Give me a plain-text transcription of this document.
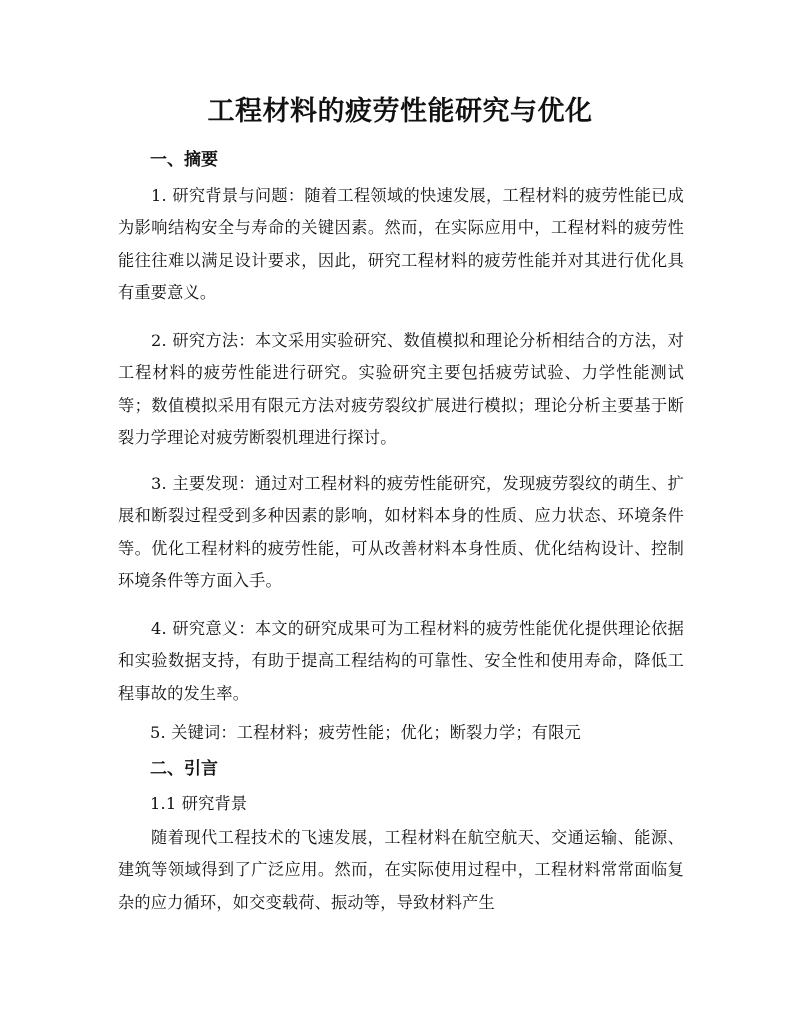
工程材料的疲劳性能研究与优化
一、摘要
1. 研究背景与问题：随着工程领域的快速发展，工程材料的疲劳性能已成为影响结构安全与寿命的关键因素。然而，在实际应用中，工程材料的疲劳性能往往难以满足设计要求，因此，研究工程材料的疲劳性能并对其进行优化具有重要意义。
2. 研究方法：本文采用实验研究、数值模拟和理论分析相结合的方法，对工程材料的疲劳性能进行研究。实验研究主要包括疲劳试验、力学性能测试等；数值模拟采用有限元方法对疲劳裂纹扩展进行模拟；理论分析主要基于断裂力学理论对疲劳断裂机理进行探讨。
3. 主要发现：通过对工程材料的疲劳性能研究，发现疲劳裂纹的萌生、扩展和断裂过程受到多种因素的影响，如材料本身的性质、应力状态、环境条件等。优化工程材料的疲劳性能，可从改善材料本身性质、优化结构设计、控制环境条件等方面入手。
4. 研究意义：本文的研究成果可为工程材料的疲劳性能优化提供理论依据和实验数据支持，有助于提高工程结构的可靠性、安全性和使用寿命，降低工程事故的发生率。
5. 关键词：工程材料；疲劳性能；优化；断裂力学；有限元
二、引言
1.1 研究背景
随着现代工程技术的飞速发展，工程材料在航空航天、交通运输、能源、建筑等领域得到了广泛应用。然而，在实际使用过程中，工程材料常常面临复杂的应力循环，如交变载荷、振动等，导致材料产生
